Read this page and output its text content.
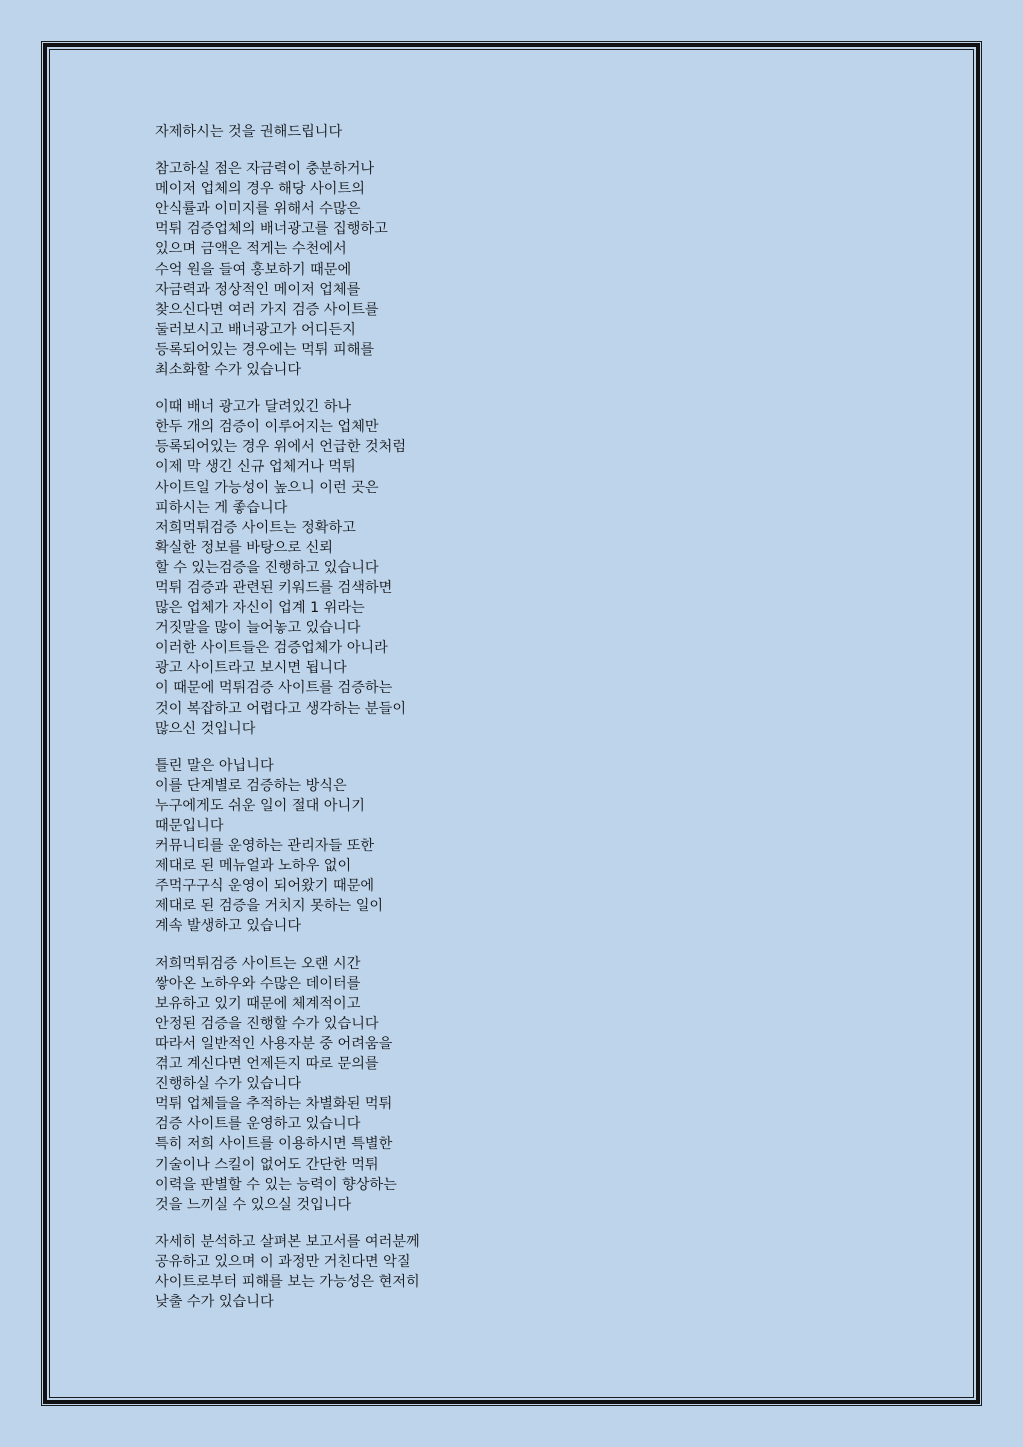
자제하시는 것을 권해드립니다
참고하실 점은 자금력이 충분하거나
메이저 업체의 경우 해당 사이트의
안식률과 이미지를 위해서 수많은
먹튀 검증업체의 배너광고를 집행하고
있으며 금액은 적게는 수천에서
수억 원을 들여 홍보하기 때문에
자금력과 정상적인 메이저 업체를
찾으신다면 여러 가지 검증 사이트를
둘러보시고 배너광고가 어디든지
등록되어있는 경우에는 먹튀 피해를
최소화할 수가 있습니다
이때 배너 광고가 달려있긴 하나
한두 개의 검증이 이루어지는 업체만
등록되어있는 경우 위에서 언급한 것처럼
이제 막 생긴 신규 업체거나 먹튀
사이트일 가능성이 높으니 이런 곳은
피하시는 게 좋습니다
저희먹튀검증 사이트는 정확하고
확실한 정보를 바탕으로 신뢰
할 수 있는검증을 진행하고 있습니다
먹튀 검증과 관련된 키워드를 검색하면
많은 업체가 자신이 업계 1 위라는
거짓말을 많이 늘어놓고 있습니다
이러한 사이트들은 검증업체가 아니라
광고 사이트라고 보시면 됩니다
이 때문에 먹튀검증 사이트를 검증하는
것이 복잡하고 어렵다고 생각하는 분들이
많으신 것입니다
틀린 말은 아닙니다
이를 단계별로 검증하는 방식은
누구에게도 쉬운 일이 절대 아니기
때문입니다
커뮤니티를 운영하는 관리자들 또한
제대로 된 메뉴얼과 노하우 없이
주먹구구식 운영이 되어왔기 때문에
제대로 된 검증을 거치지 못하는 일이
계속 발생하고 있습니다
저희먹튀검증 사이트는 오랜 시간
쌓아온 노하우와 수많은 데이터를
보유하고 있기 때문에 체계적이고
안정된 검증을 진행할 수가 있습니다
따라서 일반적인 사용자분 중 어려움을
겪고 계신다면 언제든지 따로 문의를
진행하실 수가 있습니다
먹튀 업체들을 추적하는 차별화된 먹튀
검증 사이트를 운영하고 있습니다
특히 저희 사이트를 이용하시면 특별한
기술이나 스킬이 없어도 간단한 먹튀
이력을 판별할 수 있는 능력이 향상하는
것을 느끼실 수 있으실 것입니다
자세히 분석하고 살펴본 보고서를 여러분께
공유하고 있으며 이 과정만 거친다면 악질
사이트로부터 피해를 보는 가능성은 현저히
낮출 수가 있습니다
